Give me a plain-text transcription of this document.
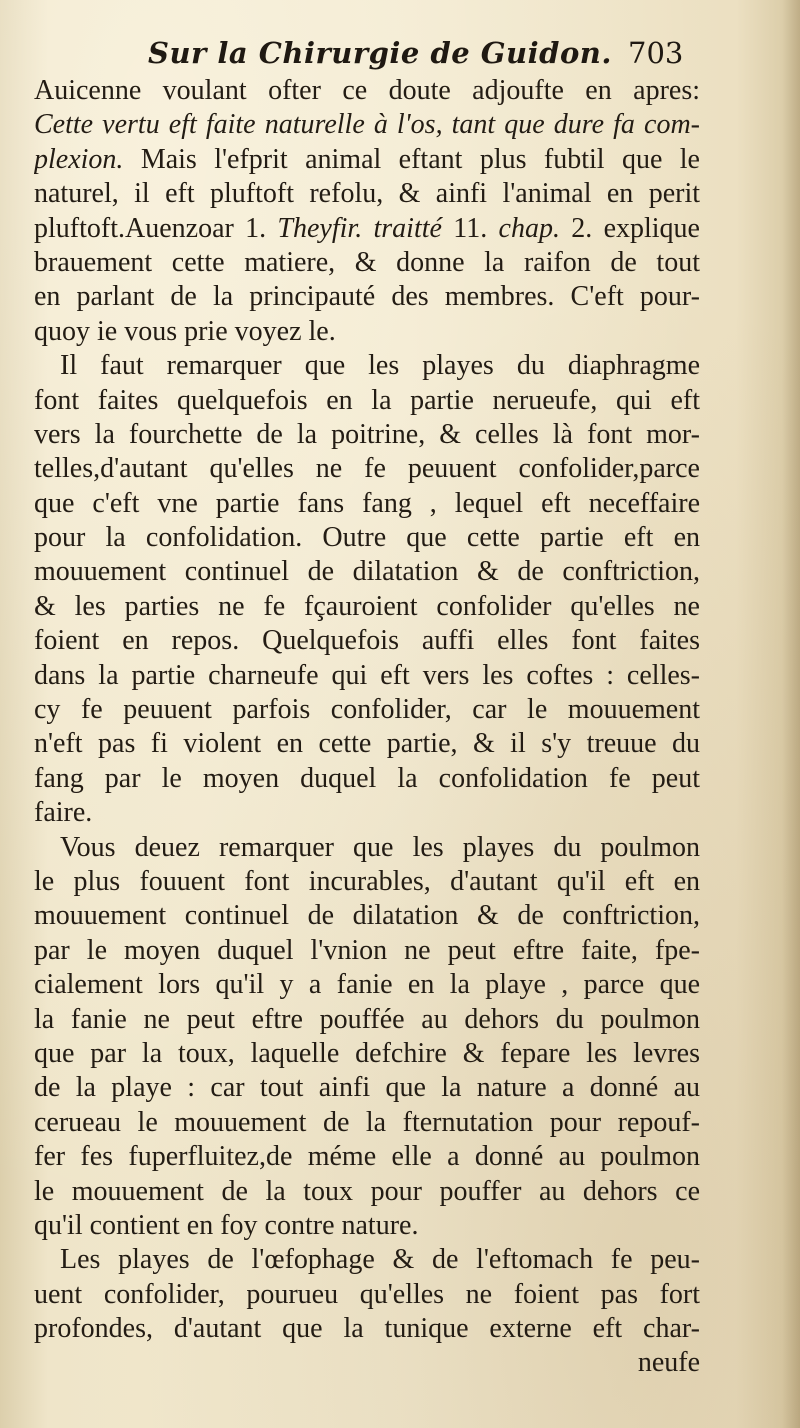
Sur la Chirurgie de Guidon. 703
Auicenne voulant ofter ce doute adjoufte en apres:
Cette vertu eft faite naturelle à l'os, tant que dure fa com-
plexion. Mais l'efprit animal eftant plus fubtil que le
naturel, il eft pluftoft refolu, & ainfi l'animal en perit
pluftoft.Auenzoar 1. Theyfir. traitté 11. chap. 2. explique
brauement cette matiere, & donne la raifon de tout
en parlant de la principauté des membres. C'eft pour-
quoy ie vous prie voyez le.
Il faut remarquer que les playes du diaphragme
font faites quelquefois en la partie nerueufe, qui eft
vers la fourchette de la poitrine, & celles là font mor-
telles,d'autant qu'elles ne fe peuuent confolider,parce
que c'eft vne partie fans fang , lequel eft neceffaire
pour la confolidation. Outre que cette partie eft en
mouuement continuel de dilatation & de conftriction,
& les parties ne fe fçauroient confolider qu'elles ne
foient en repos. Quelquefois auffi elles font faites
dans la partie charneufe qui eft vers les coftes : celles-
cy fe peuuent parfois confolider, car le mouuement
n'eft pas fi violent en cette partie, & il s'y treuue du
fang par le moyen duquel la confolidation fe peut
faire.
Vous deuez remarquer que les playes du poulmon
le plus fouuent font incurables, d'autant qu'il eft en
mouuement continuel de dilatation & de conftriction,
par le moyen duquel l'vnion ne peut eftre faite, fpe-
cialement lors qu'il y a fanie en la playe , parce que
la fanie ne peut eftre pouffée au dehors du poulmon
que par la toux, laquelle defchire & fepare les levres
de la playe : car tout ainfi que la nature a donné au
cerueau le mouuement de la fternutation pour repouf-
fer fes fuperfluitez,de méme elle a donné au poulmon
le mouuement de la toux pour pouffer au dehors ce
qu'il contient en foy contre nature.
Les playes de l'œfophage & de l'eftomach fe peu-
uent confolider, pourueu qu'elles ne foient pas fort
profondes, d'autant que la tunique externe eft char-
neufe
